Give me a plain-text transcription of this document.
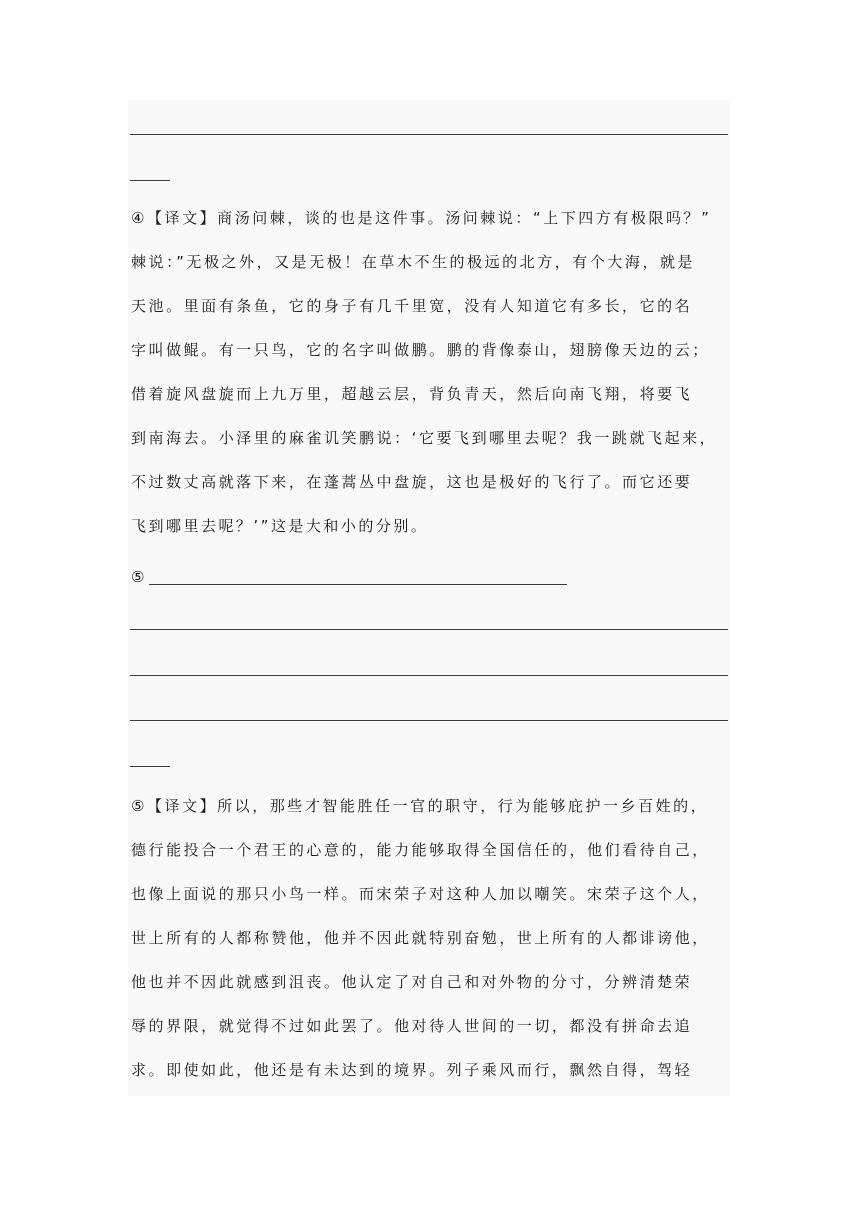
④【译文】商汤问棘，谈的也是这件事。汤问棘说：“上下四方有极限吗？”
棘说：”无极之外，又是无极！在草木不生的极远的北方，有个大海，就是
天池。里面有条鱼，它的身子有几千里宽，没有人知道它有多长，它的名
字叫做鲲。有一只鸟，它的名字叫做鹏。鹏的背像泰山，翅膀像天边的云；
借着旋风盘旋而上九万里，超越云层，背负青天，然后向南飞翔，将要飞
到南海去。小泽里的麻雀讥笑鹏说：‘它要飞到哪里去呢？我一跳就飞起来，
不过数丈高就落下来，在蓬蒿丛中盘旋，这也是极好的飞行了。而它还要
飞到哪里去呢？’”这是大和小的分别。
⑤
⑤【译文】所以，那些才智能胜任一官的职守，行为能够庇护一乡百姓的，
德行能投合一个君王的心意的，能力能够取得全国信任的，他们看待自己，
也像上面说的那只小鸟一样。而宋荣子对这种人加以嘲笑。宋荣子这个人，
世上所有的人都称赞他，他并不因此就特别奋勉，世上所有的人都诽谤他，
他也并不因此就感到沮丧。他认定了对自己和对外物的分寸，分辨清楚荣
辱的界限，就觉得不过如此罢了。他对待人世间的一切，都没有拼命去追
求。即使如此，他还是有未达到的境界。列子乘风而行，飘然自得，驾轻
